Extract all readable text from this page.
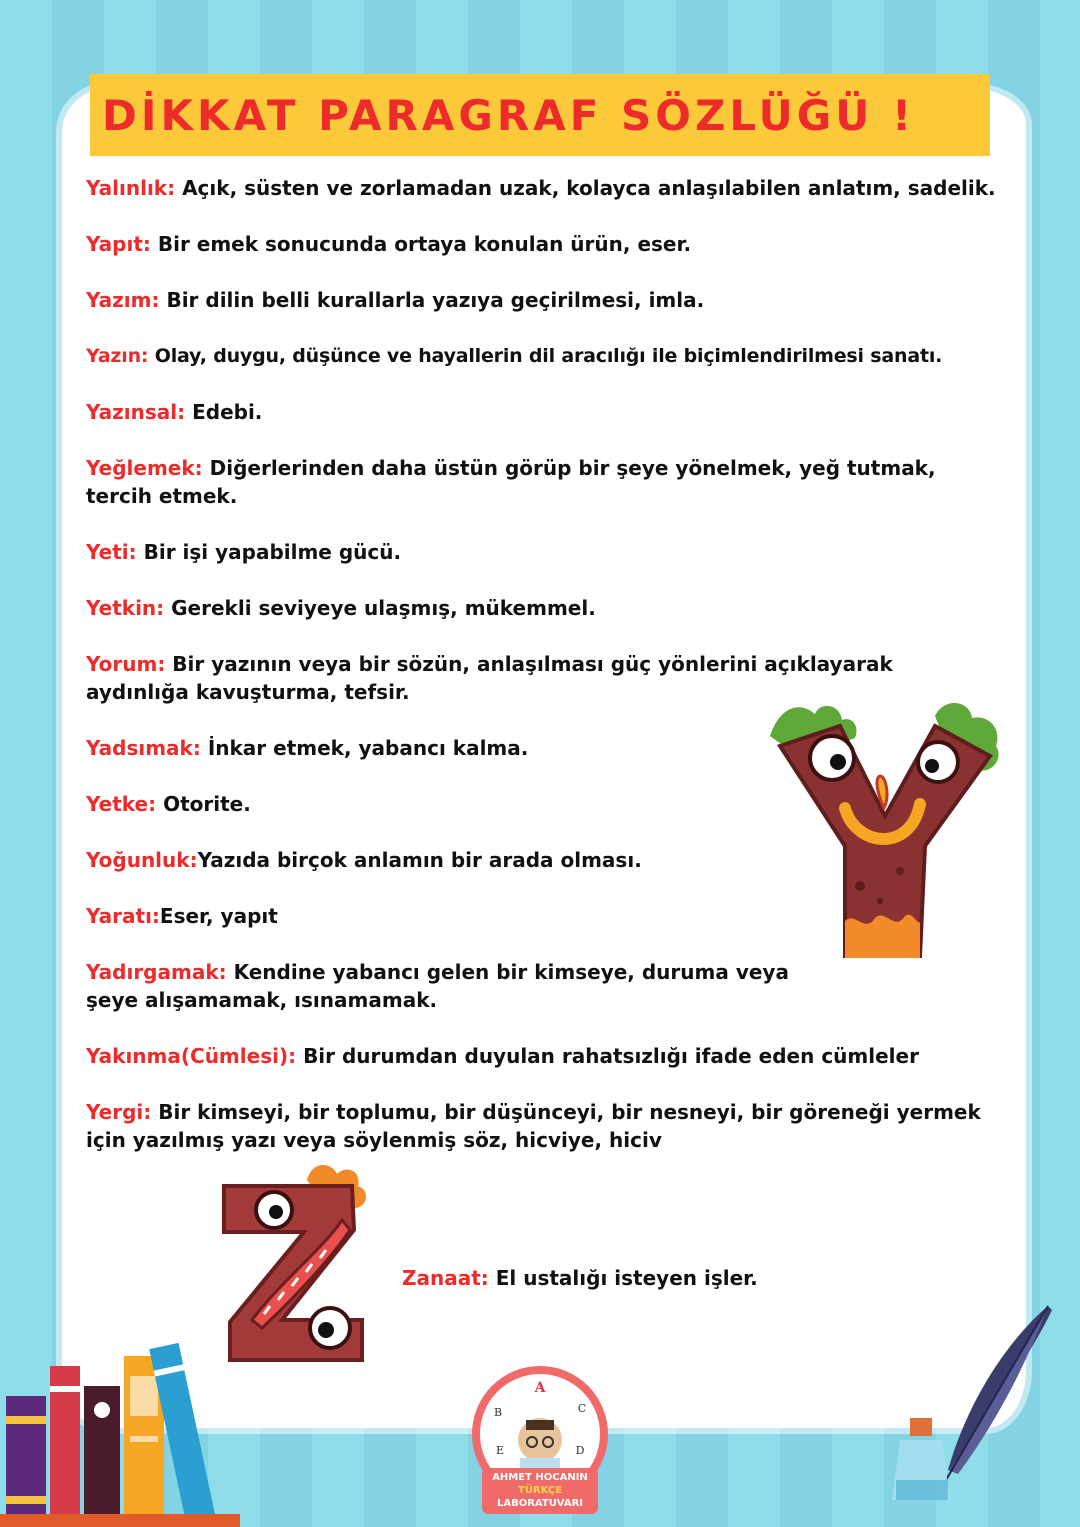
DİKKAT PARAGRAF SÖZLÜĞÜ !
Yalınlık: Açık, süsten ve zorlamadan uzak, kolayca anlaşılabilen anlatım, sadelik.
Yapıt: Bir emek sonucunda ortaya konulan ürün, eser.
Yazım: Bir dilin belli kurallarla yazıya geçirilmesi, imla.
Yazın: Olay, duygu, düşünce ve hayallerin dil aracılığı ile biçimlendirilmesi sanatı.
Yazınsal: Edebi.
Yeğlemek: Diğerlerinden daha üstün görüp bir şeye yönelmek, yeğ tutmak, tercih etmek.
Yeti: Bir işi yapabilme gücü.
Yetkin: Gerekli seviyeye ulaşmış, mükemmel.
Yorum: Bir yazının veya bir sözün, anlaşılması güç yönlerini açıklayarak aydınlığa kavuşturma, tefsir.
Yadsımak: İnkar etmek, yabancı kalma.
Yetke: Otorite.
Yoğunluk:Yazıda birçok anlamın bir arada olması.
Yaratı:Eser, yapıt
Yadırgamak: Kendine yabancı gelen bir kimseye, duruma veya şeye alışamamak, ısınamamak.
Yakınma(Cümlesi): Bir durumdan duyulan rahatsızlığı ifade eden cümleler
Yergi: Bir kimseyi, bir toplumu, bir düşünceyi, bir nesneyi, bir göreneği yermek için yazılmış yazı veya söylenmiş söz, hicviye, hiciv
Zanaat: El ustalığı isteyen işler.
A
B	C
D
E
AHMET HOCANIN
TÜRKÇE
LABORATUVARI
